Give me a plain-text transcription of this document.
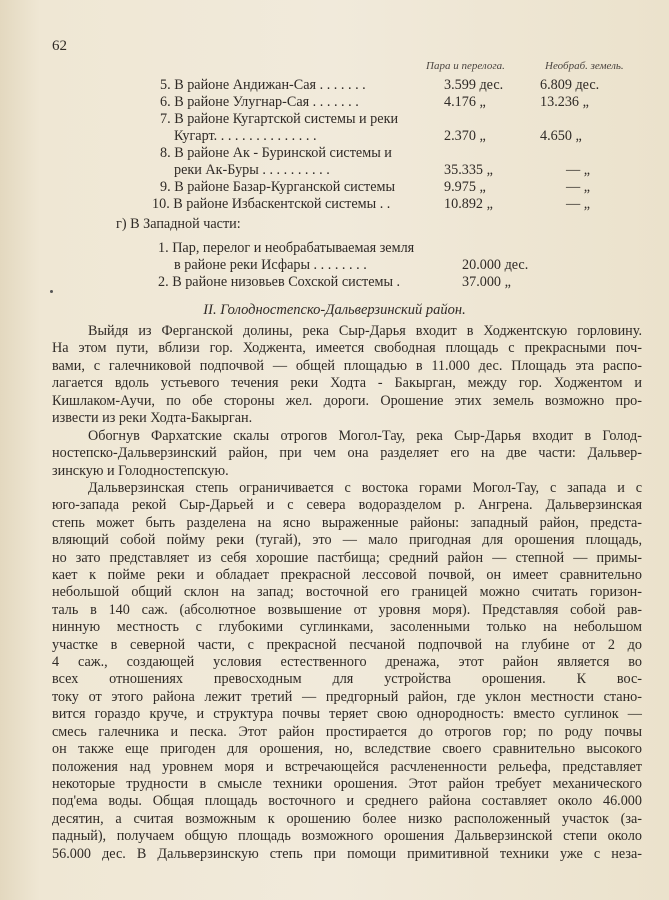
62
Пара и перелога.	Необраб. земель.
5. В районе Андижан-Сая . . . . . . .	3.599 дес.	6.809 дес.
6. В районе Улугнар-Сая . . . . . . .	4.176 „	13.236 „
7. В районе Кугартской системы и реки
Кугарт. . . . . . . . . . . . . . .	2.370 „	4.650 „
8. В районе Ак - Буринской системы и
реки Ак-Буры . . . . . . . . . .	35.335 „	— „
9. В районе Базар-Курганской системы	9.975 „	— „
10. В районе Избаскентской системы . .	10.892 „	— „
г) В Западной части:
1. Пар, перелог и необрабатываемая земля
в районе реки Исфары . . . . . . . .	20.000 дес.
2. В районе низовьев Сохской системы .	37.000 „
II. Голодностепско-Дальверзинский район.
Выйдя из Ферганской долины, река Сыр-Дарья входит в Ходжентскую горловину.
На этом пути, вблизи гор. Ходжента, имеется свободная площадь с прекрасными поч-
вами, с галечниковой подпочвой — общей площадью в 11.000 дес. Площадь эта распо-
лагается вдоль устьевого течения реки Ходта - Бакырган, между гор. Ходжентом и
Кишлаком-Аучи, по обе стороны жел. дороги. Орошение этих земель возможно про-
извести из реки Ходта-Бакырган.
Обогнув Фархатские скалы отрогов Могол-Тау, река Сыр-Дарья входит в Голод-
ностепско-Дальверзинский район, при чем она разделяет его на две части: Дальвер-
зинскую и Голодностепскую.
Дальверзинская степь ограничивается с востока горами Могол-Тау, с запада и с
юго-запада рекой Сыр-Дарьей и с севера водоразделом р. Ангрена. Дальверзинская
степь может быть разделена на ясно выраженные районы: западный район, предста-
вляющий собой пойму реки (тугай), это — мало пригодная для орошения площадь,
но зато представляет из себя хорошие пастбища; средний район — степной — примы-
кает к пойме реки и обладает прекрасной лессовой почвой, он имеет сравнительно
небольшой общий склон на запад; восточной его границей можно считать горизон-
таль в 140 саж. (абсолютное возвышение от уровня моря). Представляя собой рав-
нинную местность с глубокими суглинками, засоленными только на небольшом
участке в северной части, с прекрасной песчаной подпочвой на глубине от 2 до
4 саж., создающей условия естественного дренажа, этот район является во
всех отношениях превосходным для устройства орошения. К вос-
току от этого района лежит третий — предгорный район, где уклон местности стано-
вится гораздо круче, и структура почвы теряет свою однородность: вместо суглинок —
смесь галечника и песка. Этот район простирается до отрогов гор; по роду почвы
он также еще пригоден для орошения, но, вследствие своего сравнительно высокого
положения над уровнем моря и встречающейся расчлененности рельефа, представляет
некоторые трудности в смысле техники орошения. Этот район требует механического
под'ема воды. Общая площадь восточного и среднего района составляет около 46.000
десятин, а считая возможным к орошению более низко расположенный участок (за-
падный), получаем общую площадь возможного орошения Дальверзинской степи около
56.000 дес. В Дальверзинскую степь при помощи примитивной техники уже с неза-
